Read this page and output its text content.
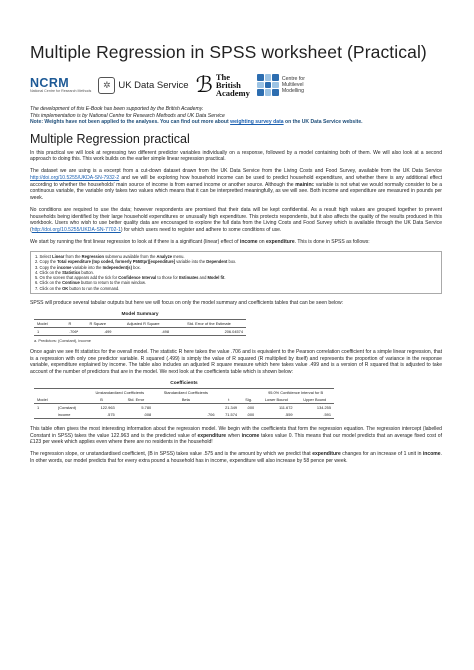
Multiple Regression in SPSS worksheet (Practical)
NCRM
National Centre for Research Methods
✲ UK Data Service ℬ The
British
Academy
Centre for
Multilevel
Modelling

The development of this E-Book has been supported by the British Academy.

This implementation is by National Centre for Research Methods and UK Data Service

Note: Weights have not been applied to the analyses. You can find out more about weighting survey data on the UK Data Service website.

Multiple Regression practical

In this practical we will look at regressing two different predictor variables individually on a response, followed by a model containing both of them. We will also look at a second approach to doing this. This work builds on the earlier simple linear regression practical.

The dataset we are using is a excerpt from a cut-down dataset drawn from the UK Data Service from the Living Costs and Food Survey, available from the UK Data Service http://doi.org/10.5255/UKDA-SN-7932-2 and we will be exploring how household income can be used to predict household expenditure, and whether there is any additional effect according to whether the households' main source of income is from earned income or another source. Although the maininc variable is not what we would normally consider to be a continuous variable, the variable only takes two values which means that it can be interpretted meaningfully, as we will see. Both income and expenditure are measured in pounds per week.

No conditions are required to use the data; however respondents are promised that their data will be kept confidential. As a result high values are grouped together to prevent households being identified by their large household expenditures or unusually high expenditure. This protects respondents, but it also affects the quality of the results produced in this workbook. Users who wish to use better quality data are encouraged to explore the full data from the Living Costs and Food Survey which is available through the UK Data Service (http://doi.org/10.5255/UKDA-SN-7702-1) for which users need to register and adhere to some conditions of use.

We start by running the first linear regression to look at if there is a significant (linear) effect of income on expenditure. This is done in SPSS as follows:

1. Select Linear from the Regression submenu available from the Analyze menu.
2. Copy the Total expenditure (top coded, formerly P550tpr)[expenditure] variable into the Dependent box.
3. Copy the income variable into the Independent(s) box.
4. Click on the Statistics button.
5. On the screen that appears add the tick for Confidence Interval to those for Estimates and Model fit.
6. Click on the Continue button to return to the main window.
7. Click on the OK button to run the command.

SPSS will produce several tabular outputs but here we will focus on only the model summary and coefficients tables that can be seen below:

Model Summary
Model	R	R Square	Adjusted R Square	Std. Error of the Estimate
1	.706ᵃ	.499	.498	206.04574
a. Predictors: (Constant), income

Once again we see fit statistics for the overall model. The statistic R here takes the value .706 and is equivalent to the Pearson correlation coefficient for a simple linear regression, that is a regression with only one predictor variable. R squared (.499) is simply the value of R squared (R multiplied by itself) and represents the proportion of variance in the response variable, expenditure explained by income. The table also includes an adjusted R square measure which here takes value .499 and is a version of R squared that is adjusted to take account of the number of predictors that are in the model. We next look at the coefficients table which is shown below:

Coefficients
		Unstandardized Coefficients		Standardized Coefficients			95.0% Confidence Interval for B	
Model		B	Std. Error	Beta	t	Sig.	Lower Bound	Upper Bound
1	(Constant)	122.963	5.780		21.349	.000	111.672	134.255
	income	.575	.008	.706	71.574	.000	.559	.591

This table often gives the most interesting information about the regression model. We begin with the coefficients that form the regression equation. The regression intercept (labelled Constant in SPSS) takes the value 122.963 and is the predicted value of expenditure when income takes value 0. This means that our model predicts that an average fixed cost of £123 per week which applies even where there are no residents in the household!

The regression slope, or unstandardised coefficient, (B in SPSS) takes value .575 and is the amount by which we predict that expenditure changes for an increase of 1 unit in income. In other words, our model predicts that for every extra pound a household has in income, expenditure will also increase by 58 pence per week.
